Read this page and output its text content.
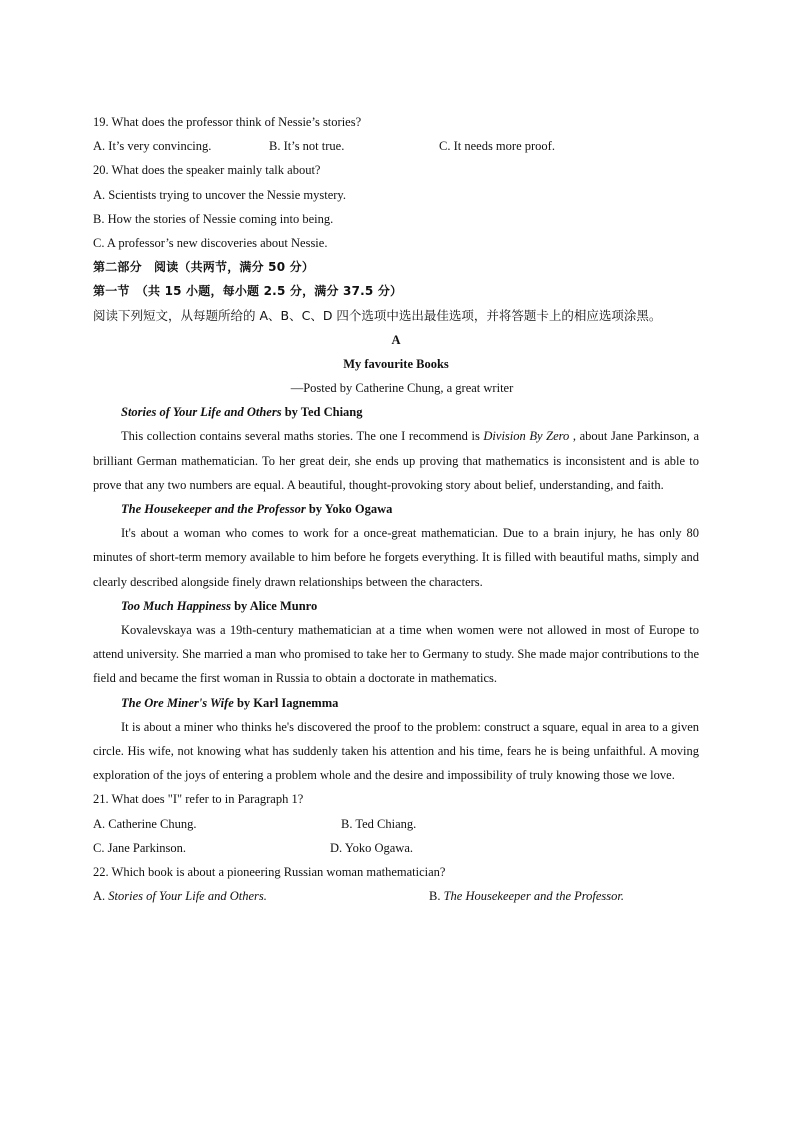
19. What does the professor think of Nessie’s stories?
A. It’s very convincing.	B. It’s not true.	C. It needs more proof.
20. What does the speaker mainly talk about?
A. Scientists trying to uncover the Nessie mystery.
B. How the stories of Nessie coming into being.
C. A professor’s new discoveries about Nessie.
第二部分　阅读（共两节，满分 50 分）
第一节　（共 15 小题，每小题 2.5 分，满分 37.5 分）
阅读下列短文，从每题所给的 A、B、C、D 四个选项中选出最佳选项，并将答题卡上的相应选项涂黑。
A
My favourite Books
—Posted by Catherine Chung, a great writer
Stories of Your Life and Others by Ted Chiang
This collection contains several maths stories. The one I recommend is Division By Zero , about Jane Parkinson, a brilliant German mathematician. To her great deir, she ends up proving that mathematics is inconsistent and is able to prove that any two numbers are equal. A beautiful, thought-provoking story about belief, understanding, and faith.
The Housekeeper and the Professor by Yoko Ogawa
It's about a woman who comes to work for a once-great mathematician. Due to a brain injury, he has only 80 minutes of short-term memory available to him before he forgets everything. It is filled with beautiful maths, simply and clearly described alongside finely drawn relationships between the characters.
Too Much Happiness by Alice Munro
Kovalevskaya was a 19th-century mathematician at a time when women were not allowed in most of Europe to attend university. She married a man who promised to take her to Germany to study. She made major contributions to the field and became the first woman in Russia to obtain a doctorate in mathematics.
The Ore Miner's Wife by Karl Iagnemma
It is about a miner who thinks he's discovered the proof to the problem: construct a square, equal in area to a given circle. His wife, not knowing what has suddenly taken his attention and his time, fears he is being unfaithful. A moving exploration of the joys of entering a problem whole and the desire and impossibility of truly knowing those we love.
21. What does "I" refer to in Paragraph 1?
A. Catherine Chung.	B. Ted Chiang.
C. Jane Parkinson.	D. Yoko Ogawa.
22. Which book is about a pioneering Russian woman mathematician?
A. Stories of Your Life and Others.	B. The Housekeeper and the Professor.
